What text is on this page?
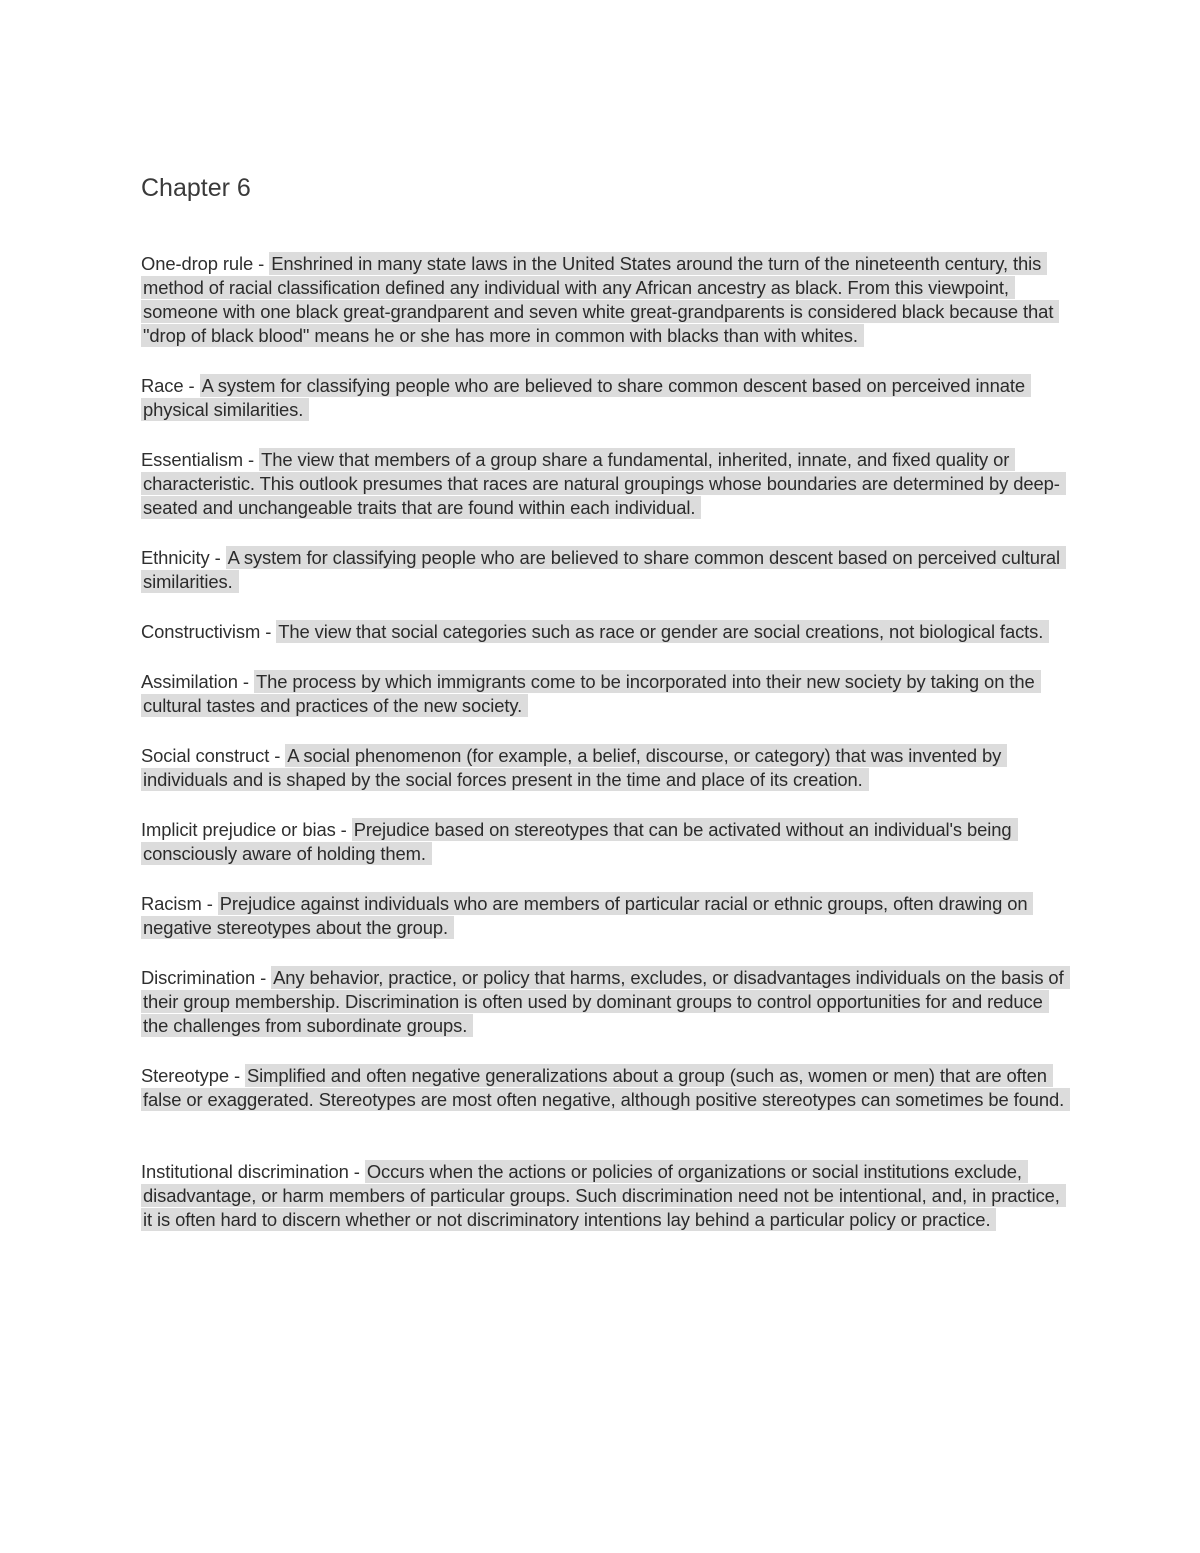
Chapter 6

One-drop rule - Enshrined in many state laws in the United States around the turn of the nineteenth century, this method of racial classification defined any individual with any African ancestry as black. From this viewpoint, someone with one black great-grandparent and seven white great-grandparents is considered black because that "drop of black blood" means he or she has more in common with blacks than with whites.

Race - A system for classifying people who are believed to share common descent based on perceived innate physical similarities.

Essentialism - The view that members of a group share a fundamental, inherited, innate, and fixed quality or characteristic. This outlook presumes that races are natural groupings whose boundaries are determined by deep-seated and unchangeable traits that are found within each individual.

Ethnicity - A system for classifying people who are believed to share common descent based on perceived cultural similarities.

Constructivism - The view that social categories such as race or gender are social creations, not biological facts.

Assimilation - The process by which immigrants come to be incorporated into their new society by taking on the cultural tastes and practices of the new society.

Social construct - A social phenomenon (for example, a belief, discourse, or category) that was invented by individuals and is shaped by the social forces present in the time and place of its creation.

Implicit prejudice or bias - Prejudice based on stereotypes that can be activated without an individual's being consciously aware of holding them.

Racism - Prejudice against individuals who are members of particular racial or ethnic groups, often drawing on negative stereotypes about the group.

Discrimination - Any behavior, practice, or policy that harms, excludes, or disadvantages individuals on the basis of their group membership. Discrimination is often used by dominant groups to control opportunities for and reduce the challenges from subordinate groups.

Stereotype - Simplified and often negative generalizations about a group (such as, women or men) that are often false or exaggerated. Stereotypes are most often negative, although positive stereotypes can sometimes be found.

Institutional discrimination - Occurs when the actions or policies of organizations or social institutions exclude, disadvantage, or harm members of particular groups. Such discrimination need not be intentional, and, in practice, it is often hard to discern whether or not discriminatory intentions lay behind a particular policy or practice.
